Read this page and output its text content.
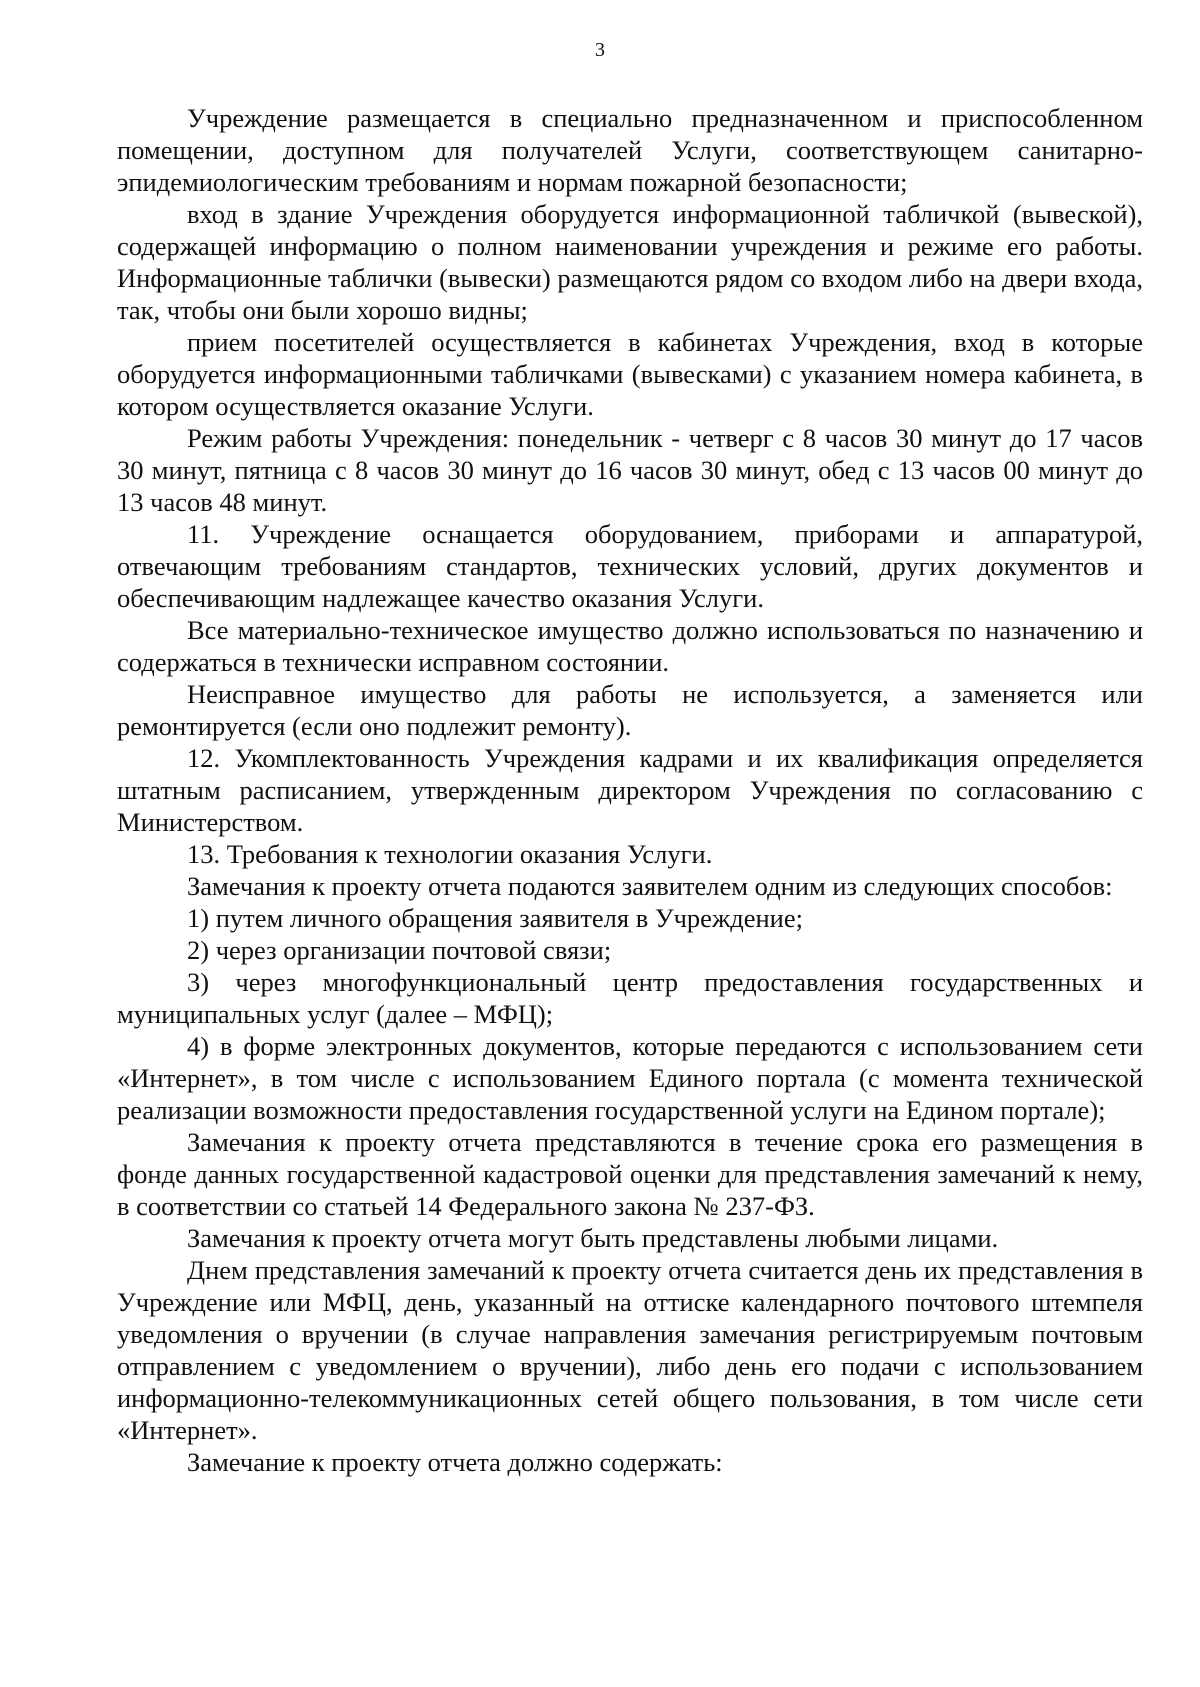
3

Учреждение размещается в специально предназначенном и приспособленном помещении, доступном для получателей Услуги, соответствующем санитарно-эпидемиологическим требованиям и нормам пожарной безопасности;

вход в здание Учреждения оборудуется информационной табличкой (вывеской), содержащей информацию о полном наименовании учреждения и режиме его работы. Информационные таблички (вывески) размещаются рядом со входом либо на двери входа, так, чтобы они были хорошо видны;

прием посетителей осуществляется в кабинетах Учреждения, вход в которые оборудуется информационными табличками (вывесками) с указанием номера кабинета, в котором осуществляется оказание Услуги.

Режим работы Учреждения: понедельник - четверг с 8 часов 30 минут до 17 часов 30 минут, пятница с 8 часов 30 минут до 16 часов 30 минут, обед с 13 часов 00 минут до 13 часов 48 минут.

11. Учреждение оснащается оборудованием, приборами и аппаратурой, отвечающим требованиям стандартов, технических условий, других документов и обеспечивающим надлежащее качество оказания Услуги.

Все материально-техническое имущество должно использоваться по назначению и содержаться в технически исправном состоянии.

Неисправное имущество для работы не используется, а заменяется или ремонтируется (если оно подлежит ремонту).

12. Укомплектованность Учреждения кадрами и их квалификация определяется штатным расписанием, утвержденным директором Учреждения по согласованию с Министерством.

13. Требования к технологии оказания Услуги.

Замечания к проекту отчета подаются заявителем одним из следующих способов:

1) путем личного обращения заявителя в Учреждение;

2) через организации почтовой связи;

3) через многофункциональный центр предоставления государственных и муниципальных услуг (далее – МФЦ);

4) в форме электронных документов, которые передаются с использованием сети «Интернет», в том числе с использованием Единого портала (с момента технической реализации возможности предоставления государственной услуги на Едином портале);

Замечания к проекту отчета представляются в течение срока его размещения в фонде данных государственной кадастровой оценки для представления замечаний к нему, в соответствии со статьей 14 Федерального закона № 237-ФЗ.

Замечания к проекту отчета могут быть представлены любыми лицами.

Днем представления замечаний к проекту отчета считается день их представления в Учреждение или МФЦ, день, указанный на оттиске календарного почтового штемпеля уведомления о вручении (в случае направления замечания регистрируемым почтовым отправлением с уведомлением о вручении), либо день его подачи с использованием информационно-телекоммуникационных сетей общего пользования, в том числе сети «Интернет».

Замечание к проекту отчета должно содержать:
